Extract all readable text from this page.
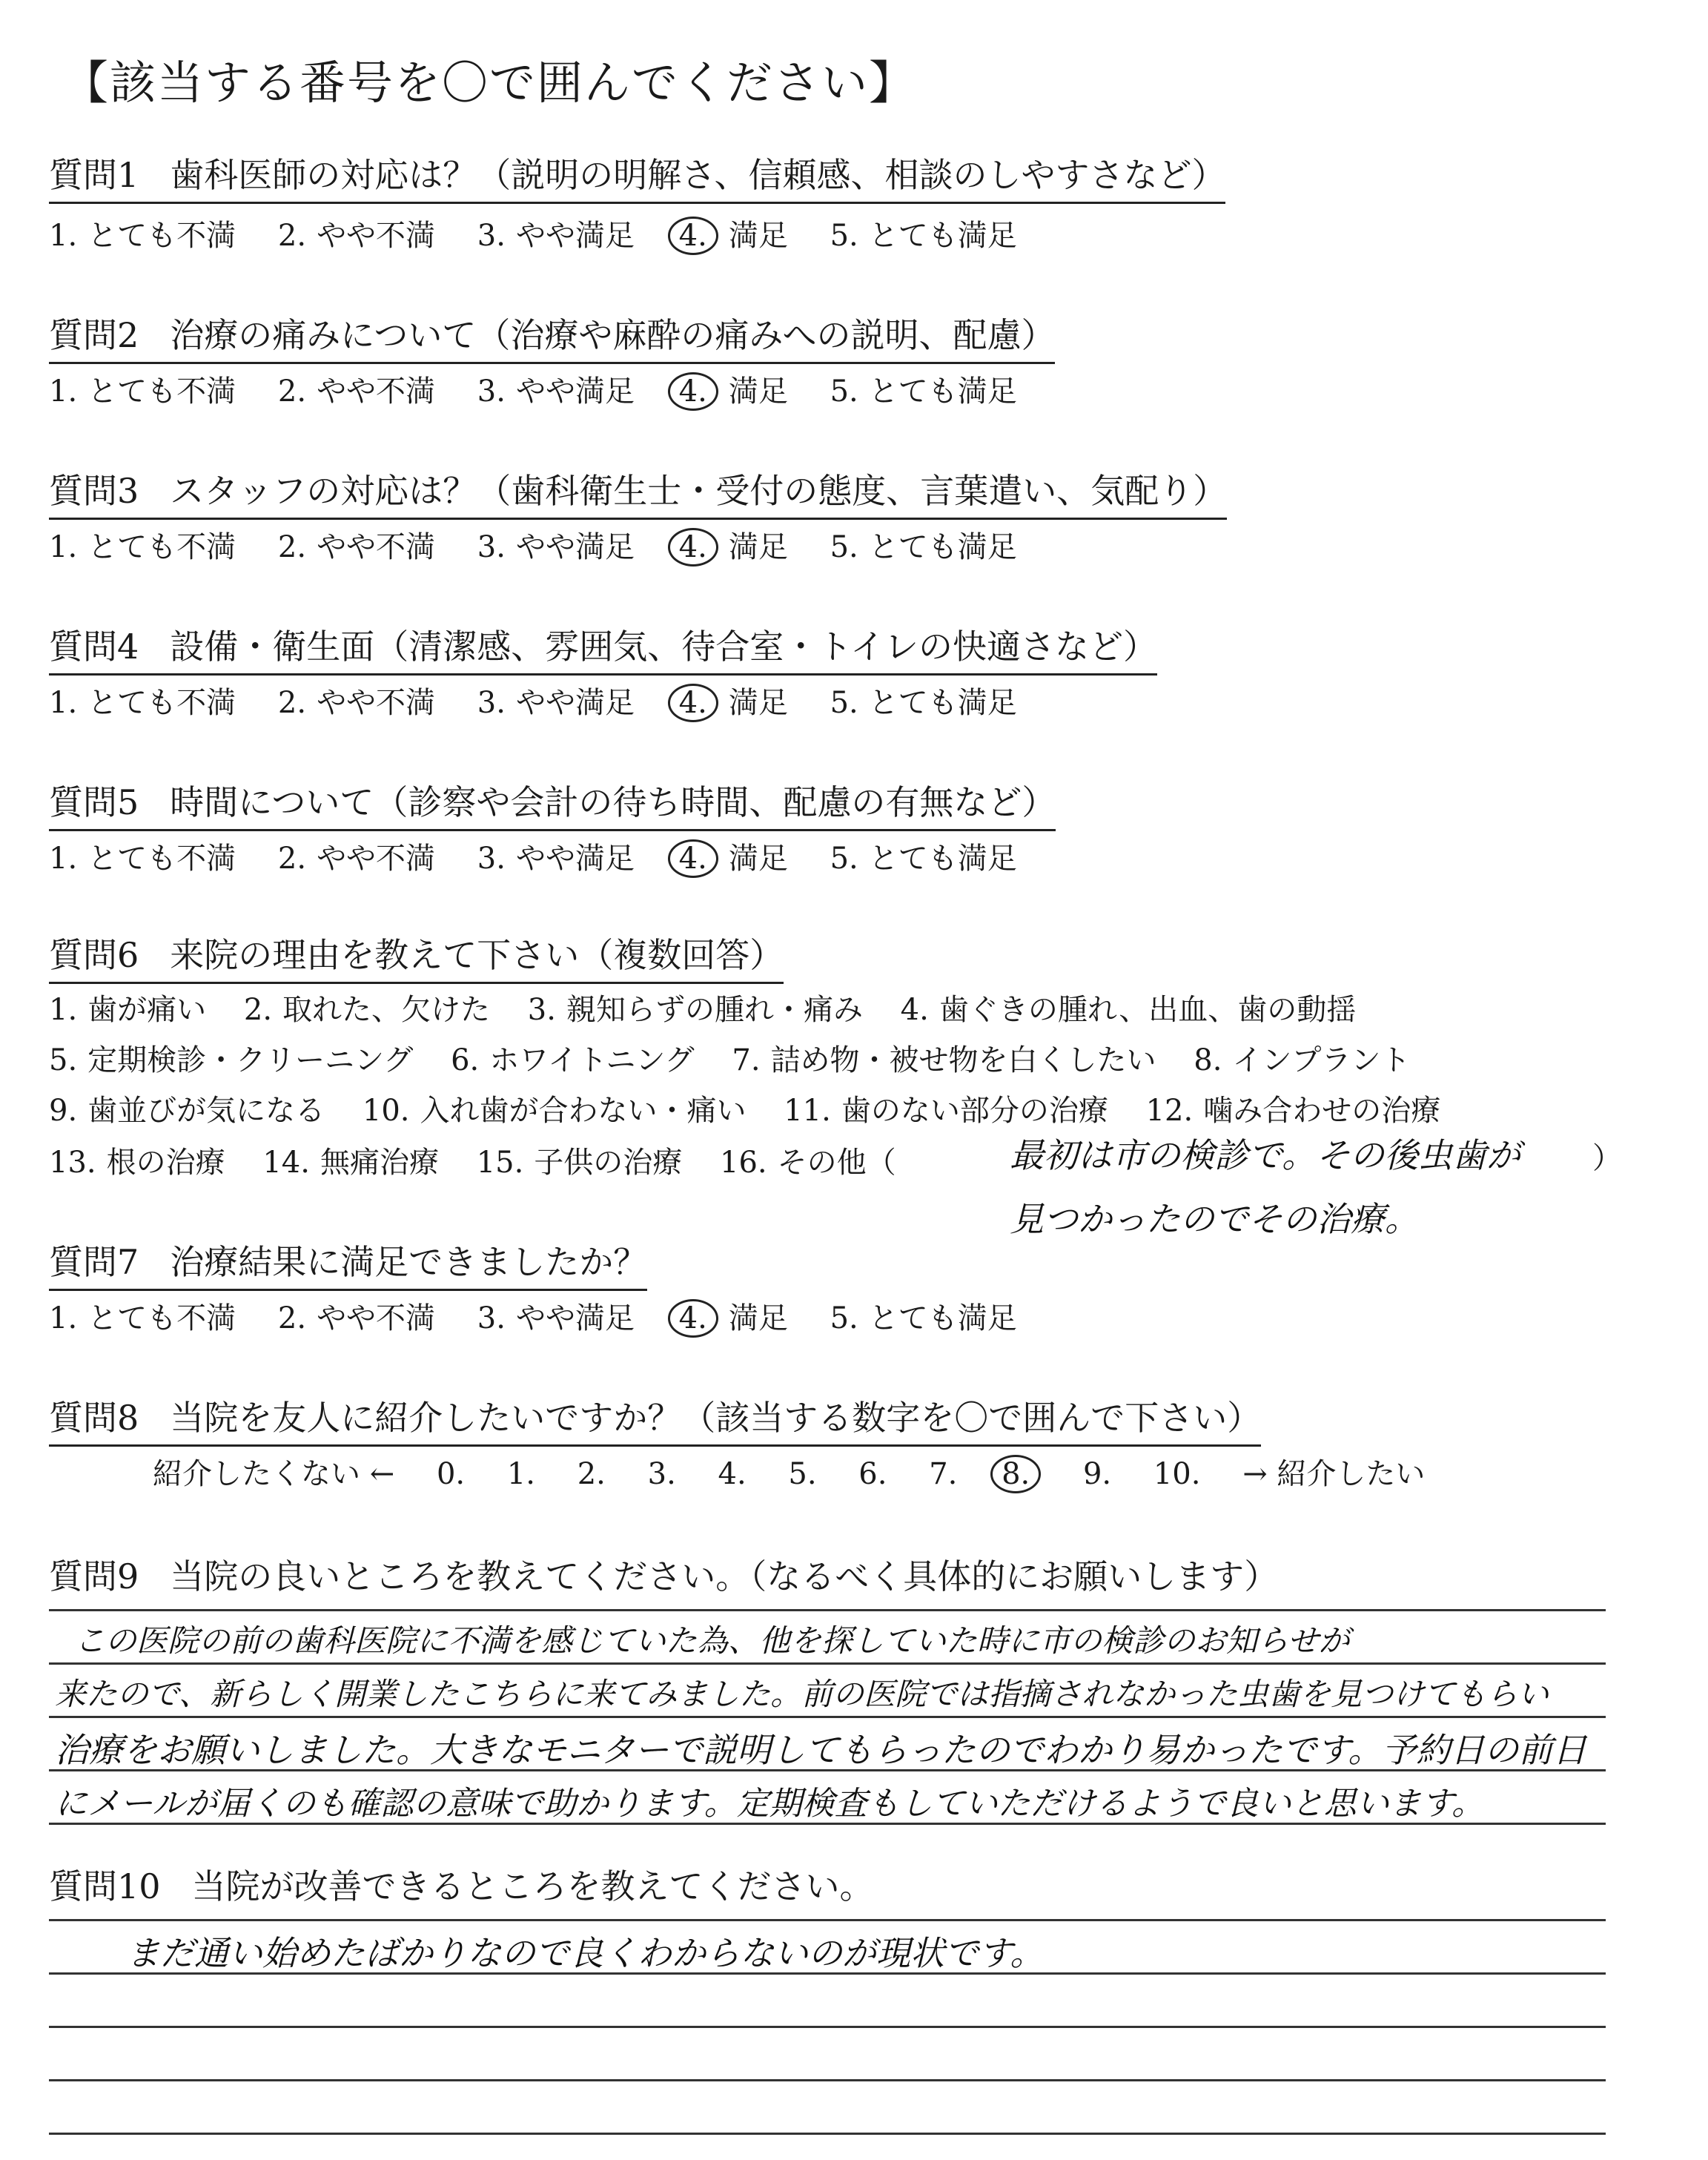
【該当する番号を〇で囲んでください】
質問1 歯科医師の対応は？（説明の明解さ、信頼感、相談のしやすさなど）
1. とても不満 2. やや不満 3. やや満足 4. 満足 5. とても満足
質問2 治療の痛みについて（治療や麻酔の痛みへの説明、配慮）
1. とても不満 2. やや不満 3. やや満足 4. 満足 5. とても満足
質問3 スタッフの対応は？（歯科衛生士・受付の態度、言葉遣い、気配り）
1. とても不満 2. やや不満 3. やや満足 4. 満足 5. とても満足
質問4 設備・衛生面（清潔感、雰囲気、待合室・トイレの快適さなど）
1. とても不満 2. やや不満 3. やや満足 4. 満足 5. とても満足
質問5 時間について（診察や会計の待ち時間、配慮の有無など）
1. とても不満 2. やや不満 3. やや満足 4. 満足 5. とても満足
質問6 来院の理由を教えて下さい（複数回答）
1. 歯が痛い 2. 取れた、欠けた 3. 親知らずの腫れ・痛み 4. 歯ぐきの腫れ、出血、歯の動揺
5. 定期検診・クリーニング 6. ホワイトニング 7. 詰め物・被せ物を白くしたい 8. インプラント
9. 歯並びが気になる 10. 入れ歯が合わない・痛い 11. 歯のない部分の治療 12. 噛み合わせの治療
13. 根の治療 14. 無痛治療 15. 子供の治療 16. その他（	最初は市の検診で。その後虫歯が ）
見つかったのでその治療。
質問7 治療結果に満足できましたか？
1. とても不満 2. やや不満 3. やや満足 4. 満足 5. とても満足
質問8 当院を友人に紹介したいですか？（該当する数字を〇で囲んで下さい）
紹介したくない ← 0. 1. 2. 3. 4. 5. 6. 7. 8. 9. 10. → 紹介したい
質問9 当院の良いところを教えてください。（なるべく具体的にお願いします）
この医院の前の歯科医院に不満を感じていた為、他を探していた時に市の検診のお知らせが
来たので、新らしく開業したこちらに来てみました。前の医院では指摘されなかった虫歯を見つけてもらい
治療をお願いしました。大きなモニターで説明してもらったのでわかり易かったです。予約日の前日
にメールが届くのも確認の意味で助かります。定期検査もしていただけるようで良いと思います。
質問10 当院が改善できるところを教えてください。
まだ通い始めたばかりなので良くわからないのが現状です。
